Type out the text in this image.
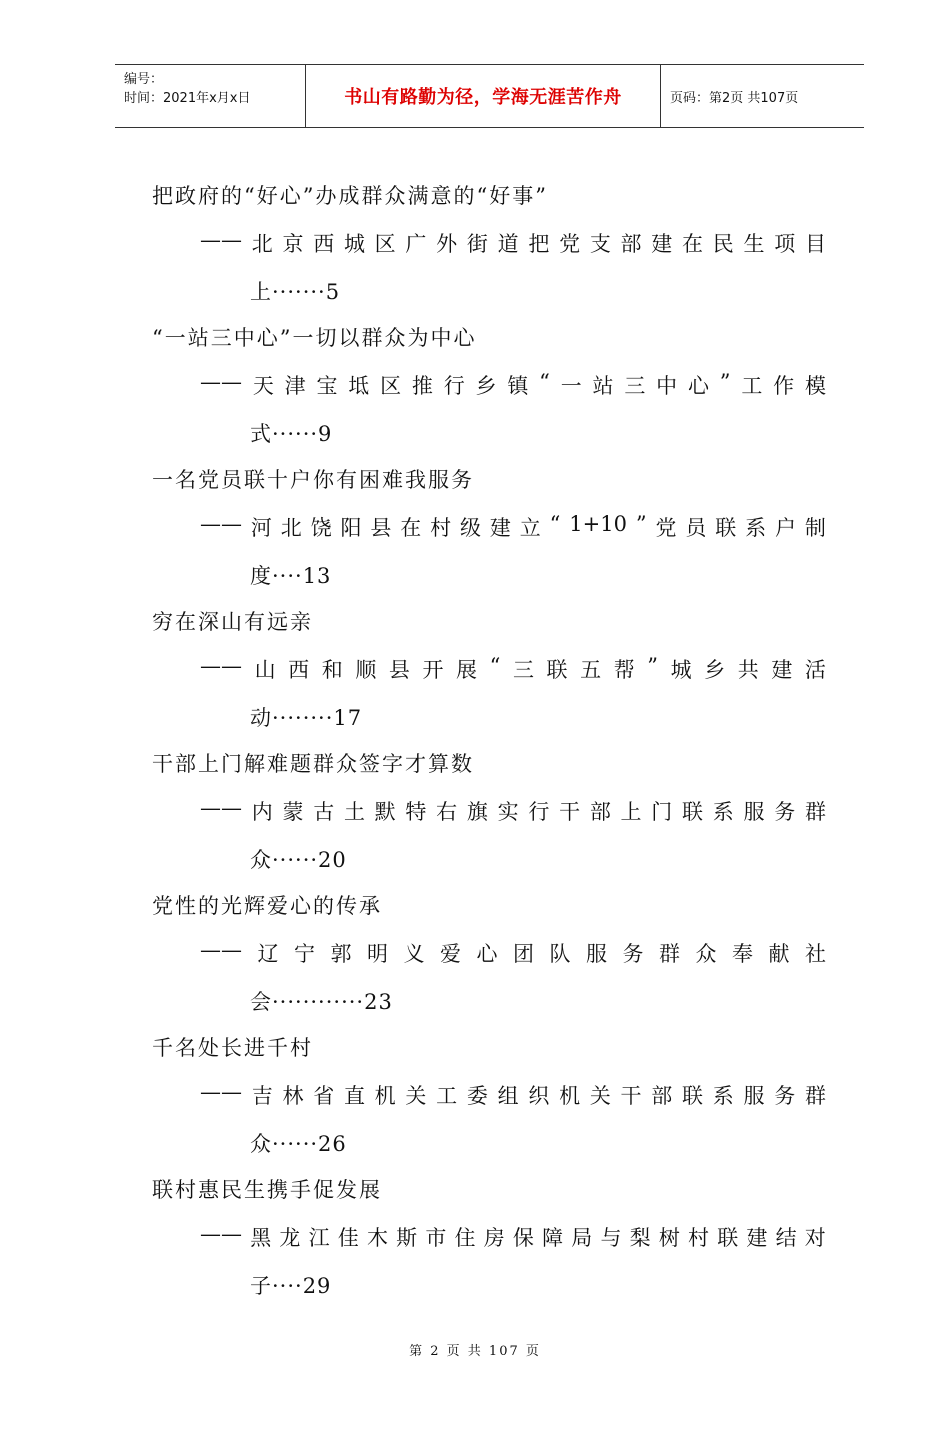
编号：
时间：2021年x月x日	书山有路勤为径，学海无涯苦作舟	页码：第2页 共107页
把政府的“好心”办成群众满意的“好事”
—— 北 京 西 城 区 广 外 街 道 把 党 支 部 建 在 民 生 项 目
上·······5
“一站三中心”一切以群众为中心
—— 天 津 宝 坻 区 推 行 乡 镇 “ 一 站 三 中 心 ” 工 作 模
式······9
一名党员联十户你有困难我服务
—— 河 北 饶 阳 县 在 村 级 建 立 “ 1+10 ” 党 员 联 系 户 制
度····13
穷在深山有远亲
—— 山 西 和 顺 县 开 展 “ 三 联 五 帮 ” 城 乡 共 建 活
动········17
干部上门解难题群众签字才算数
—— 内 蒙 古 土 默 特 右 旗 实 行 干 部 上 门 联 系 服 务 群
众······20
党性的光辉爱心的传承
—— 辽 宁 郭 明 义 爱 心 团 队 服 务 群 众 奉 献 社
会············23
千名处长进千村
—— 吉 林 省 直 机 关 工 委 组 织 机 关 干 部 联 系 服 务 群
众······26
联村惠民生携手促发展
—— 黑 龙 江 佳 木 斯 市 住 房 保 障 局 与 梨 树 村 联 建 结 对
子····29
第 2 页 共 107 页
